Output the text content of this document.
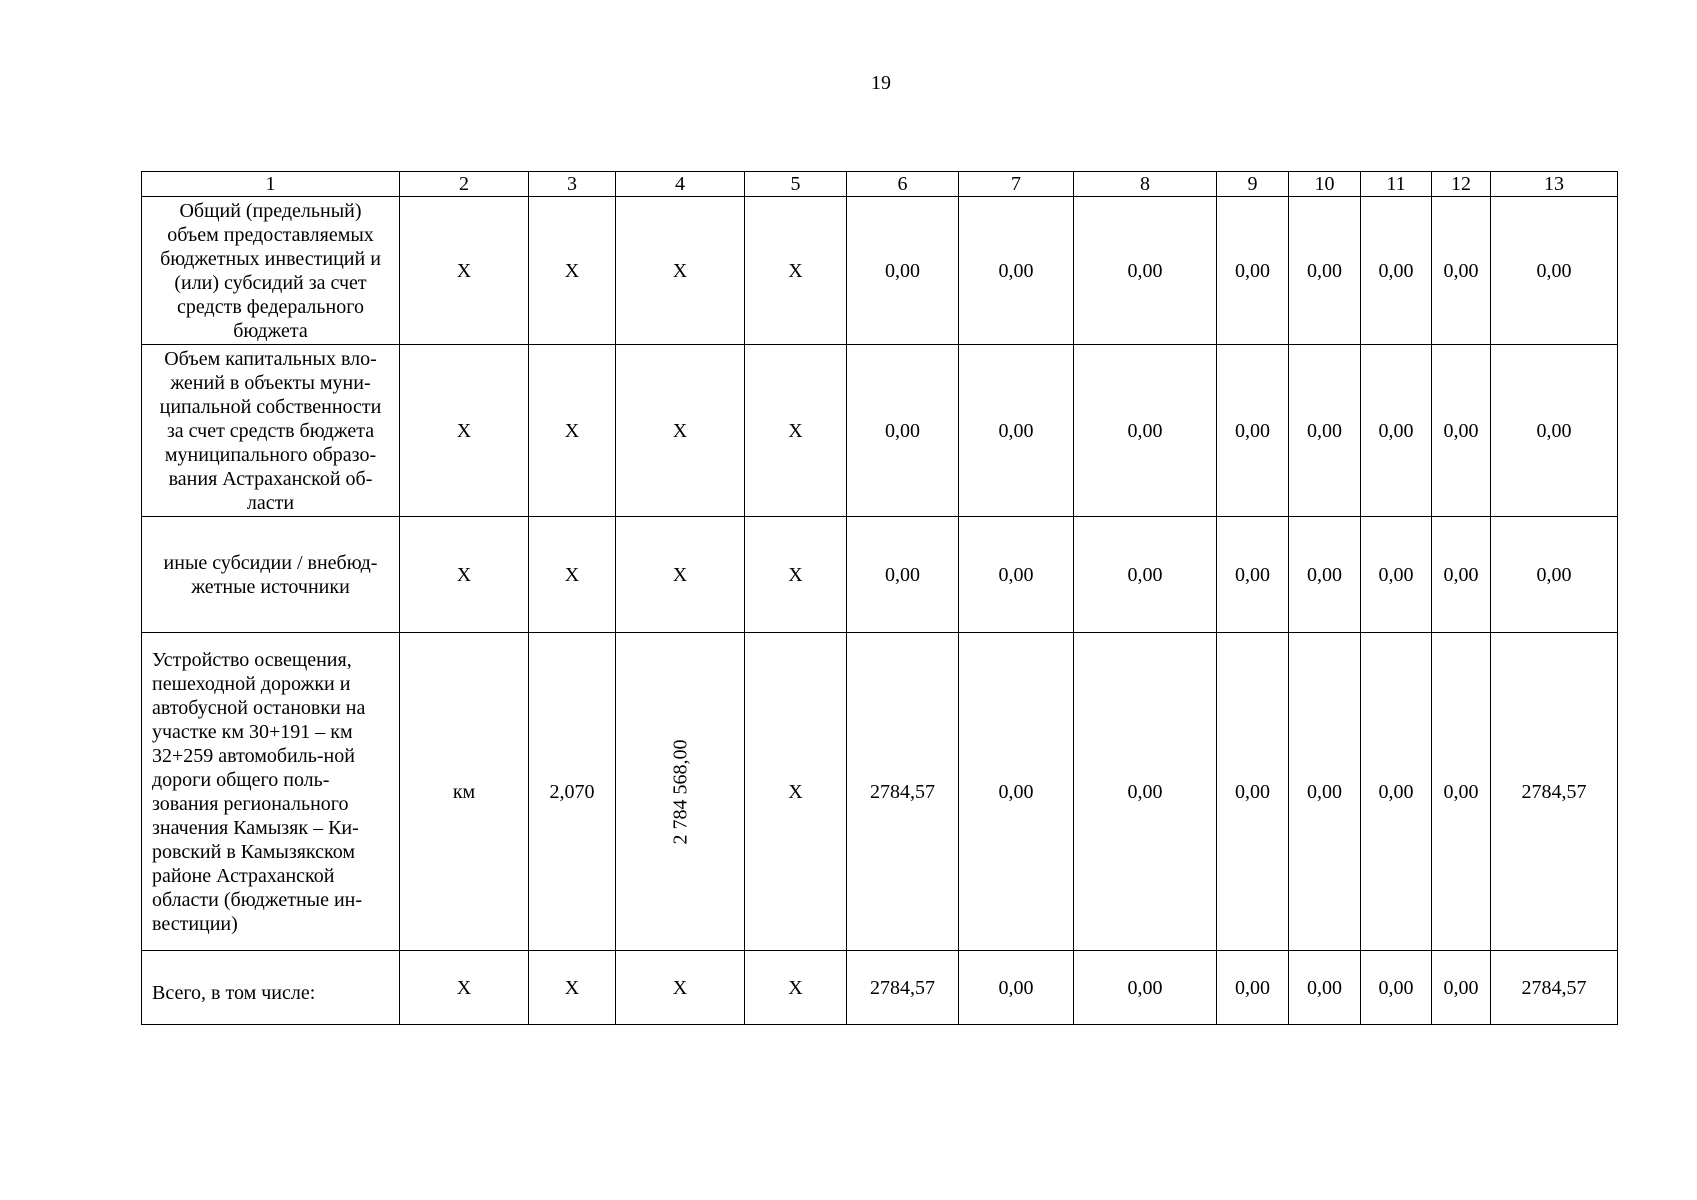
19
1	2	3	4	5	6	7	8	9	10	11	12	13
Общий (предельный) объем предоставляемых бюджетных инвестиций и (или) субсидий за счет средств федерального бюджета	X	X	X	X	0,00	0,00	0,00	0,00	0,00	0,00	0,00	0,00
Объем капитальных вло-жений в объекты муни-ципальной собственности за счет средств бюджета муниципального образо-вания Астраханской об-ласти	X	X	X	X	0,00	0,00	0,00	0,00	0,00	0,00	0,00	0,00
иные субсидии / внебюд-жетные источники	X	X	X	X	0,00	0,00	0,00	0,00	0,00	0,00	0,00	0,00
Устройство освещения, пешеходной дорожки и автобусной остановки на участке км 30+191 – км 32+259 автомобиль-ной дороги общего поль-зования регионального значения Камызяк – Ки-ровский в Камызякском районе Астраханской области (бюджетные ин-вестиции)	км	2,070	2 784 568,00	X	2784,57	0,00	0,00	0,00	0,00	0,00	0,00	2784,57
Всего, в том числе:	X	X	X	X	2784,57	0,00	0,00	0,00	0,00	0,00	0,00	2784,57
